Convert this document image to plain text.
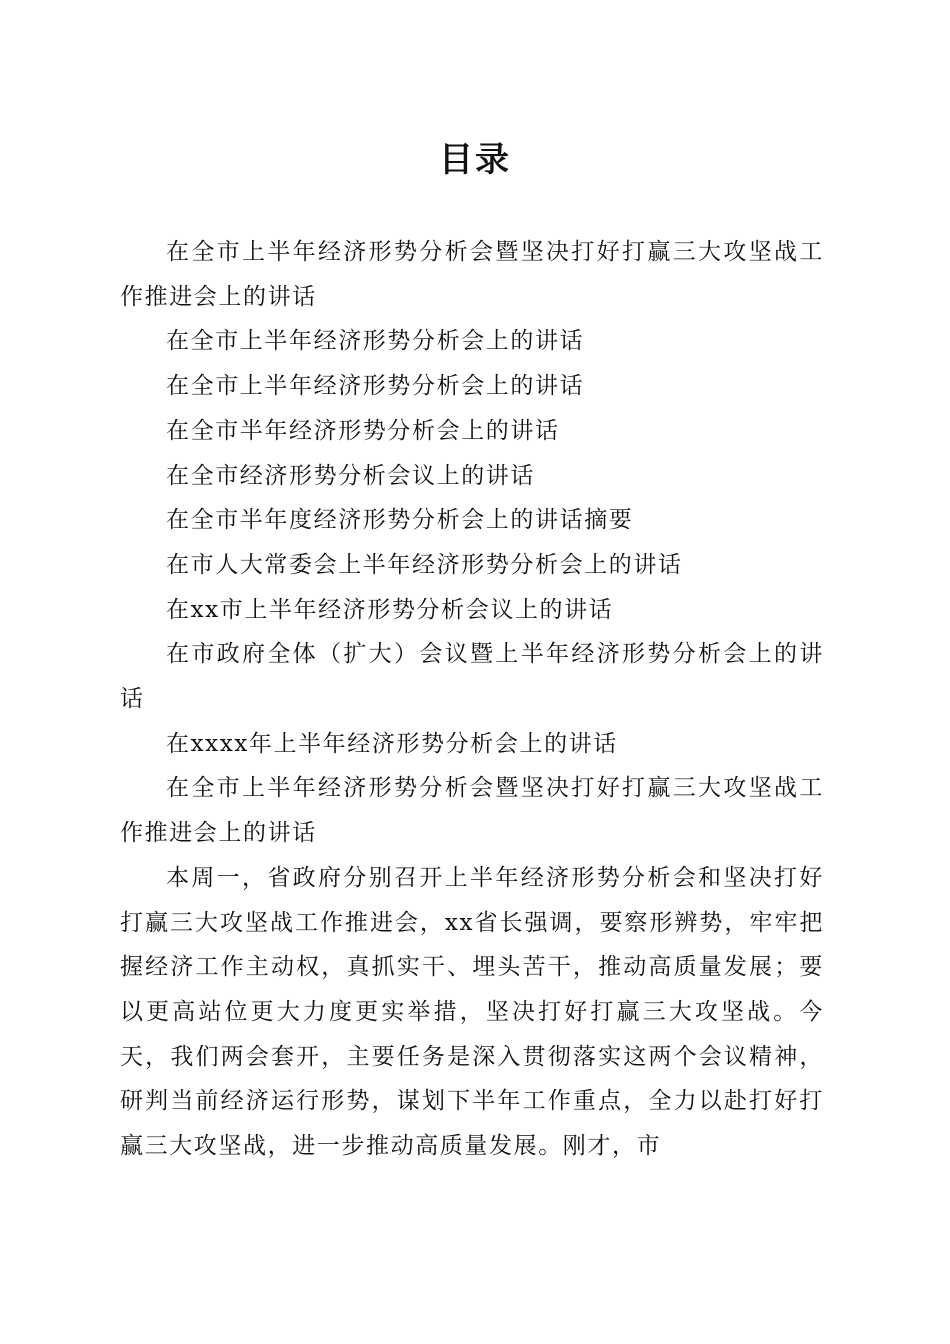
目录

在全市上半年经济形势分析会暨坚决打好打赢三大攻坚战工作推进会上的讲话

在全市上半年经济形势分析会上的讲话

在全市上半年经济形势分析会上的讲话

在全市半年经济形势分析会上的讲话

在全市经济形势分析会议上的讲话

在全市半年度经济形势分析会上的讲话摘要

在市人大常委会上半年经济形势分析会上的讲话

在xx市上半年经济形势分析会议上的讲话

在市政府全体（扩大）会议暨上半年经济形势分析会上的讲话

在xxxx年上半年经济形势分析会上的讲话

在全市上半年经济形势分析会暨坚决打好打赢三大攻坚战工作推进会上的讲话

本周一，省政府分别召开上半年经济形势分析会和坚决打好打赢三大攻坚战工作推进会，xx省长强调，要察形辨势，牢牢把握经济工作主动权，真抓实干、埋头苦干，推动高质量发展；要以更高站位更大力度更实举措，坚决打好打赢三大攻坚战。今天，我们两会套开，主要任务是深入贯彻落实这两个会议精神，研判当前经济运行形势，谋划下半年工作重点，全力以赴打好打赢三大攻坚战，进一步推动高质量发展。刚才，市
